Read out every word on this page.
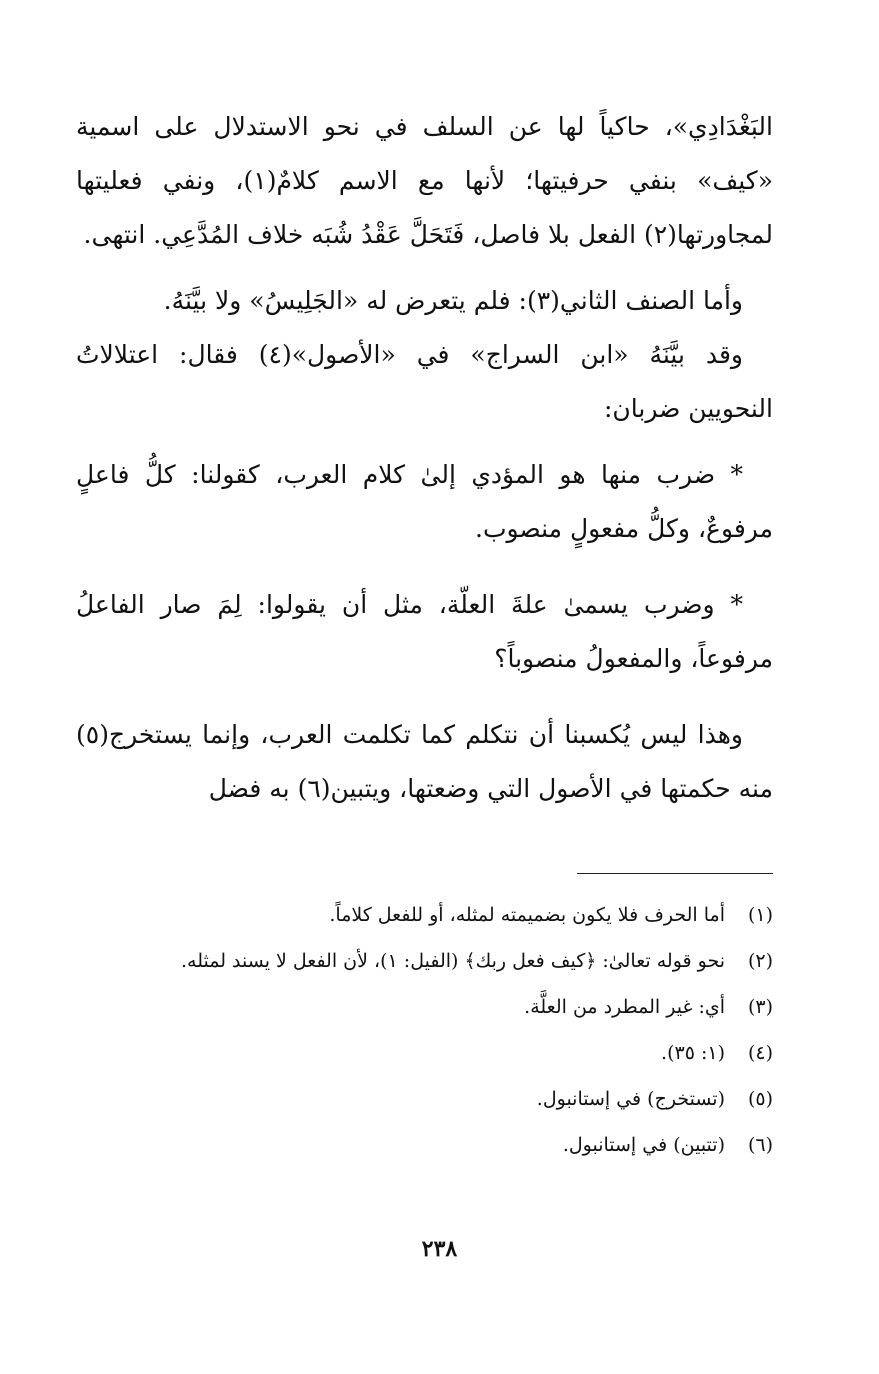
البَغْدَادِي»، حاكياً لها عن السلف في نحو الاستدلال على اسمية «كيف» بنفي حرفيتها؛ لأنها مع الاسم كلامٌ(١)، ونفي فعليتها لمجاورتها(٢) الفعل بلا فاصل، فَتَحَلَّ عَقْدُ شُبَه خلاف المُدَّعِي. انتهى.

وأما الصنف الثاني(٣): فلم يتعرض له «الجَلِيسُ» ولا بيَّنَهُ.

وقد بيَّنَهُ «ابن السراج» في «الأصول»(٤) فقال: اعتلالاتُ النحويين ضربان:

* ضرب منها هو المؤدي إلىٰ كلام العرب، كقولنا: كلُّ فاعلٍ مرفوعٌ، وكلُّ مفعولٍ منصوب.

* وضرب يسمىٰ علةَ العلّة، مثل أن يقولوا: لِمَ صار الفاعلُ مرفوعاً، والمفعولُ منصوباً؟

وهذا ليس يُكسبنا أن نتكلم كما تكلمت العرب، وإنما يستخرج(٥) منه حكمتها في الأصول التي وضعتها، ويتبين(٦) به فضل

(١)
أما الحرف فلا يكون بضميمته لمثله، أو للفعل كلاماً.
(٢)
نحو قوله تعالىٰ: ﴿كيف فعل ربك﴾ (الفيل: ١)، لأن الفعل لا يسند لمثله.
(٣)
أي: غير المطرد من العلَّة.
(٤)
(١: ٣٥).
(٥)
(تستخرج) في إستانبول.
(٦)
(تتبين) في إستانبول.
٢٣٨
